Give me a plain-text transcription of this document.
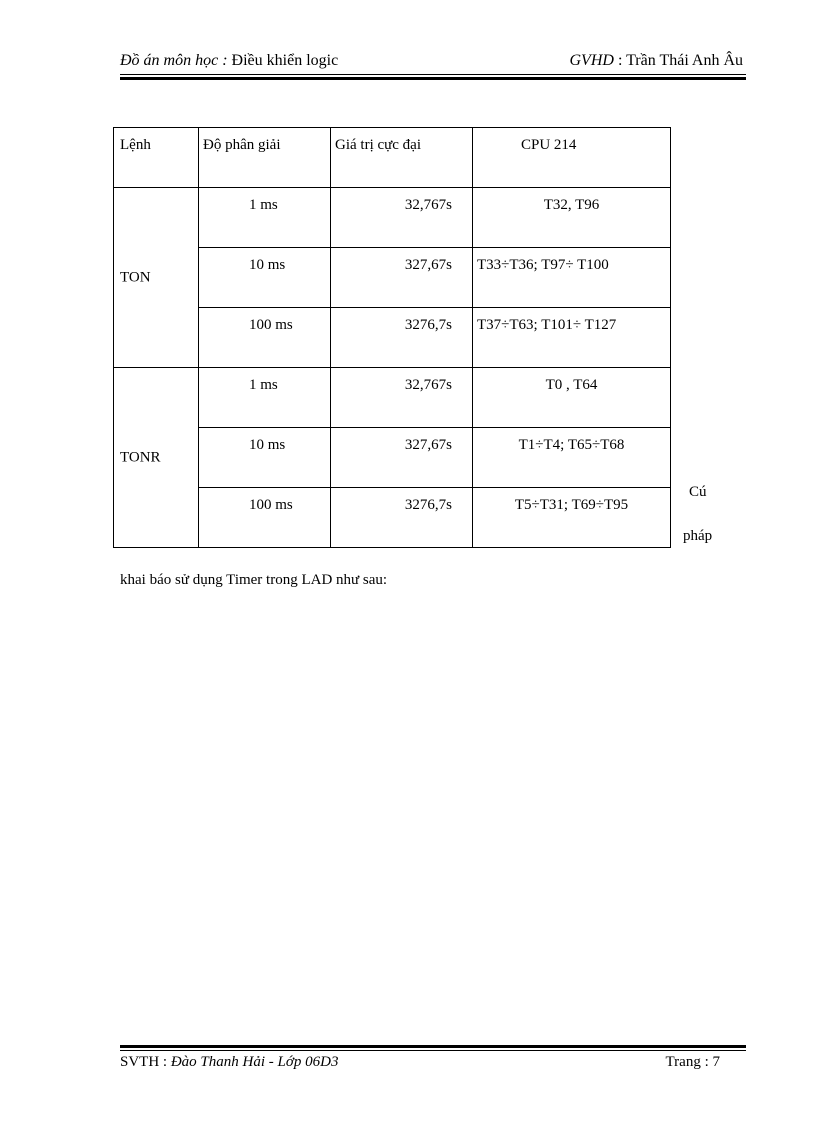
Đồ án môn học : Điều khiển logic	GVHD : Trần Thái Anh Âu
Lệnh	Độ phân giải	Giá trị cực đại	CPU 214

TON	1 ms	32,767s	T32, T96

	10 ms	327,67s	T33÷T36; T97÷ T100

	100 ms	3276,7s	T37÷T63; T101÷ T127

TONR	1 ms	32,767s	T0 , T64

	10 ms	327,67s	T1÷T4; T65÷T68

	100 ms	3276,7s	T5÷T31; T69÷T95
Cú
pháp
khai báo sử dụng Timer trong LAD như sau:
SVTH : Đào Thanh Hải - Lớp 06D3	Trang : 7
